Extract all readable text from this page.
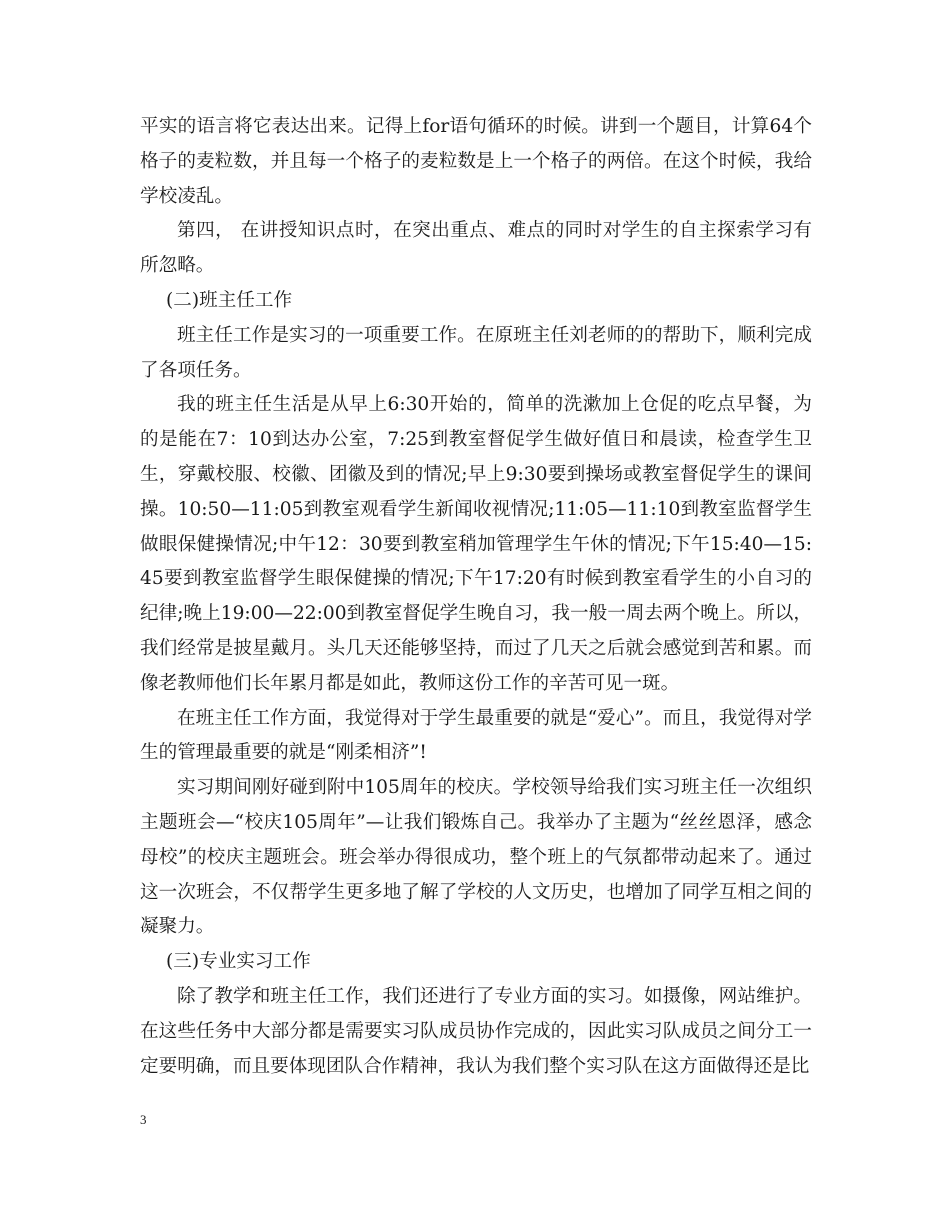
平实的语言将它表达出来。记得上for语句循环的时候。讲到一个题目，计算64个格子的麦粒数，并且每一个格子的麦粒数是上一个格子的两倍。在这个时候，我给学校凌乱。

第四， 在讲授知识点时，在突出重点、难点的同时对学生的自主探索学习有所忽略。

(二)班主任工作

班主任工作是实习的一项重要工作。在原班主任刘老师的的帮助下，顺利完成了各项任务。

我的班主任生活是从早上6:30开始的，简单的洗漱加上仓促的吃点早餐，为的是能在7：10到达办公室，7:25到教室督促学生做好值日和晨读，检查学生卫生，穿戴校服、校徽、团徽及到的情况;早上9:30要到操场或教室督促学生的课间操。10:50—11:05到教室观看学生新闻收视情况;11:05—11:10到教室监督学生做眼保健操情况;中午12：30要到教室稍加管理学生午休的情况;下午15:40—15:45要到教室监督学生眼保健操的情况;下午17:20有时候到教室看学生的小自习的纪律;晚上19:00—22:00到教室督促学生晚自习，我一般一周去两个晚上。所以，我们经常是披星戴月。头几天还能够坚持，而过了几天之后就会感觉到苦和累。而像老教师他们长年累月都是如此，教师这份工作的辛苦可见一斑。

在班主任工作方面，我觉得对于学生最重要的就是“爱心”。而且，我觉得对学生的管理最重要的就是“刚柔相济”!

实习期间刚好碰到附中105周年的校庆。学校领导给我们实习班主任一次组织主题班会—“校庆105周年”—让我们锻炼自己。我举办了主题为“丝丝恩泽，感念母校”的校庆主题班会。班会举办得很成功，整个班上的气氛都带动起来了。通过这一次班会，不仅帮学生更多地了解了学校的人文历史，也增加了同学互相之间的凝聚力。

(三)专业实习工作

除了教学和班主任工作，我们还进行了专业方面的实习。如摄像，网站维护。在这些任务中大部分都是需要实习队成员协作完成的，因此实习队成员之间分工一定要明确，而且要体现团队合作精神，我认为我们整个实习队在这方面做得还是比

3
